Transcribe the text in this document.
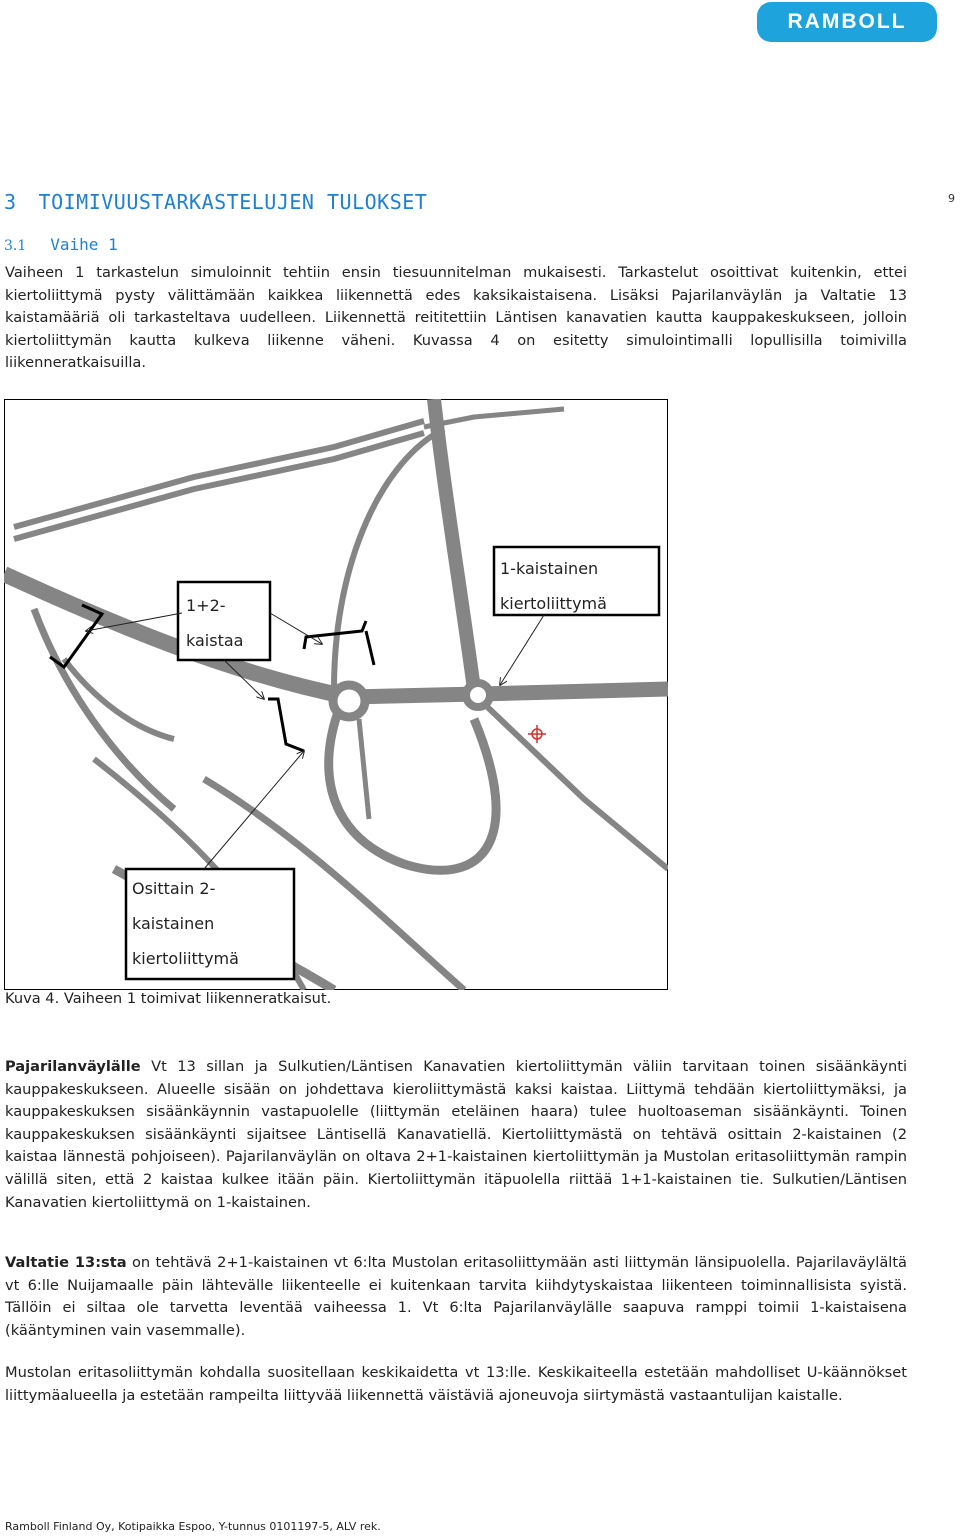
RAMBOLL
9
3 TOIMIVUUSTARKASTELUJEN TULOKSET
3.1 Vaihe 1

Vaiheen 1 tarkastelun simuloinnit tehtiin ensin tiesuunnitelman mukaisesti. Tarkastelut osoittivat kuitenkin, ettei kiertoliittymä pysty välittämään kaikkea liikennettä edes kaksikaistaisena. Lisäksi Pajarilanväylän ja Valtatie 13 kaistamääriä oli tarkasteltava uudelleen. Liikennettä reititettiin Läntisen kanavatien kautta kauppakeskukseen, jolloin kiertoliittymän kautta kulkeva liikenne väheni. Kuvassa 4 on esitetty simulointimalli lopullisilla toimivilla liikenneratkaisuilla.

1+2-
kaistaa
1-kaistainen
kiertoliittymä
Osittain 2-
kaistainen
kiertoliittymä
Kuva 4. Vaiheen 1 toimivat liikenneratkaisut.

Pajarilanväylälle Vt 13 sillan ja Sulkutien/Läntisen Kanavatien kiertoliittymän väliin tarvitaan toinen sisäänkäynti kauppakeskukseen. Alueelle sisään on johdettava kieroliittymästä kaksi kaistaa. Liittymä tehdään kiertoliittymäksi, ja kauppakeskuksen sisäänkäynnin vastapuolelle (liittymän eteläinen haara) tulee huoltoaseman sisäänkäynti. Toinen kauppakeskuksen sisäänkäynti sijaitsee Läntisellä Kanavatiellä. Kiertoliittymästä on tehtävä osittain 2-kaistainen (2 kaistaa lännestä pohjoiseen). Pajarilanväylän on oltava 2+1-kaistainen kiertoliittymän ja Mustolan eritasoliittymän rampin välillä siten, että 2 kaistaa kulkee itään päin. Kiertoliittymän itäpuolella riittää 1+1-kaistainen tie. Sulkutien/Läntisen Kanavatien kiertoliittymä on 1-kaistainen.

Valtatie 13:sta on tehtävä 2+1-kaistainen vt 6:lta Mustolan eritasoliittymään asti liittymän länsipuolella. Pajarilaväylältä vt 6:lle Nuijamaalle päin lähtevälle liikenteelle ei kuitenkaan tarvita kiihdytyskaistaa liikenteen toiminnallisista syistä. Tällöin ei siltaa ole tarvetta leventää vaiheessa 1. Vt 6:lta Pajarilanväylälle saapuva ramppi toimii 1-kaistaisena (kääntyminen vain vasemmalle).

Mustolan eritasoliittymän kohdalla suositellaan keskikaidetta vt 13:lle. Keskikaiteella estetään mahdolliset U-käännökset liittymäalueella ja estetään rampeilta liittyvää liikennettä väistäviä ajoneuvoja siirtymästä vastaantulijan kaistalle.

Ramboll Finland Oy, Kotipaikka Espoo, Y-tunnus 0101197-5, ALV rek.
